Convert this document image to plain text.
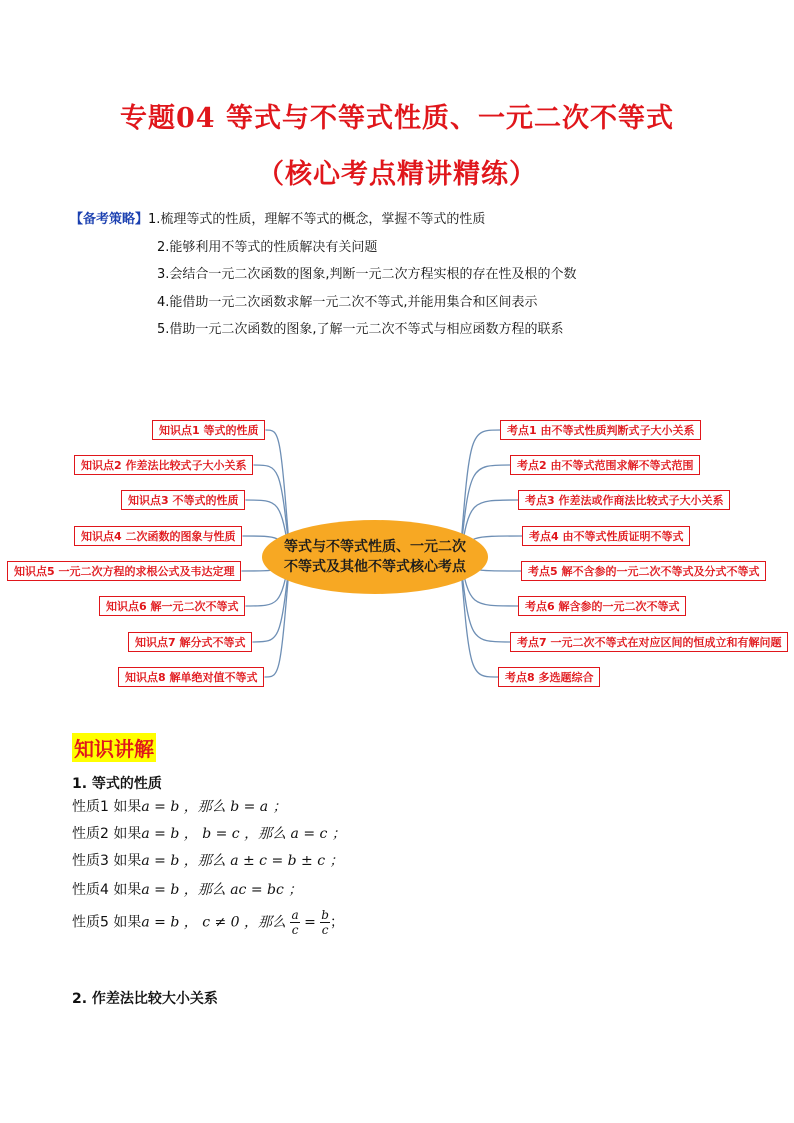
专题04 等式与不等式性质、一元二次不等式
（核心考点精讲精练）
【备考策略】1.梳理等式的性质，理解不等式的概念，掌握不等式的性质
2.能够利用不等式的性质解决有关问题
3.会结合一元二次函数的图象,判断一元二次方程实根的存在性及根的个数
4.能借助一元二次函数求解一元二次不等式,并能用集合和区间表示
5.借助一元二次函数的图象,了解一元二次不等式与相应函数方程的联系
知识点1 等式的性质
知识点2 作差法比较式子大小关系
知识点3 不等式的性质
知识点4 二次函数的图象与性质
知识点5 一元二次方程的求根公式及韦达定理
知识点6 解一元二次不等式
知识点7 解分式不等式
知识点8 解单绝对值不等式
考点1 由不等式性质判断式子大小关系
考点2 由不等式范围求解不等式范围
考点3 作差法或作商法比较式子大小关系
考点4 由不等式性质证明不等式
考点5 解不含参的一元二次不等式及分式不等式
考点6 解含参的一元二次不等式
考点7 一元二次不等式在对应区间的恒成立和有解问题
考点8 多选题综合
等式与不等式性质、一元二次
不等式及其他不等式核心考点
知识讲解
1. 等式的性质
性质1 如果a = b ，那么 b = a ；
性质2 如果a = b ， b = c ，那么 a = c ；
性质3 如果a = b ，那么 a ± c = b ± c ；
性质4 如果a = b ，那么 ac = bc ；
性质5 如果a = b ， c ≠ 0 ，那么 $\frac{a}{c} = \frac{b}{c}$ ；
2. 作差法比较大小关系
